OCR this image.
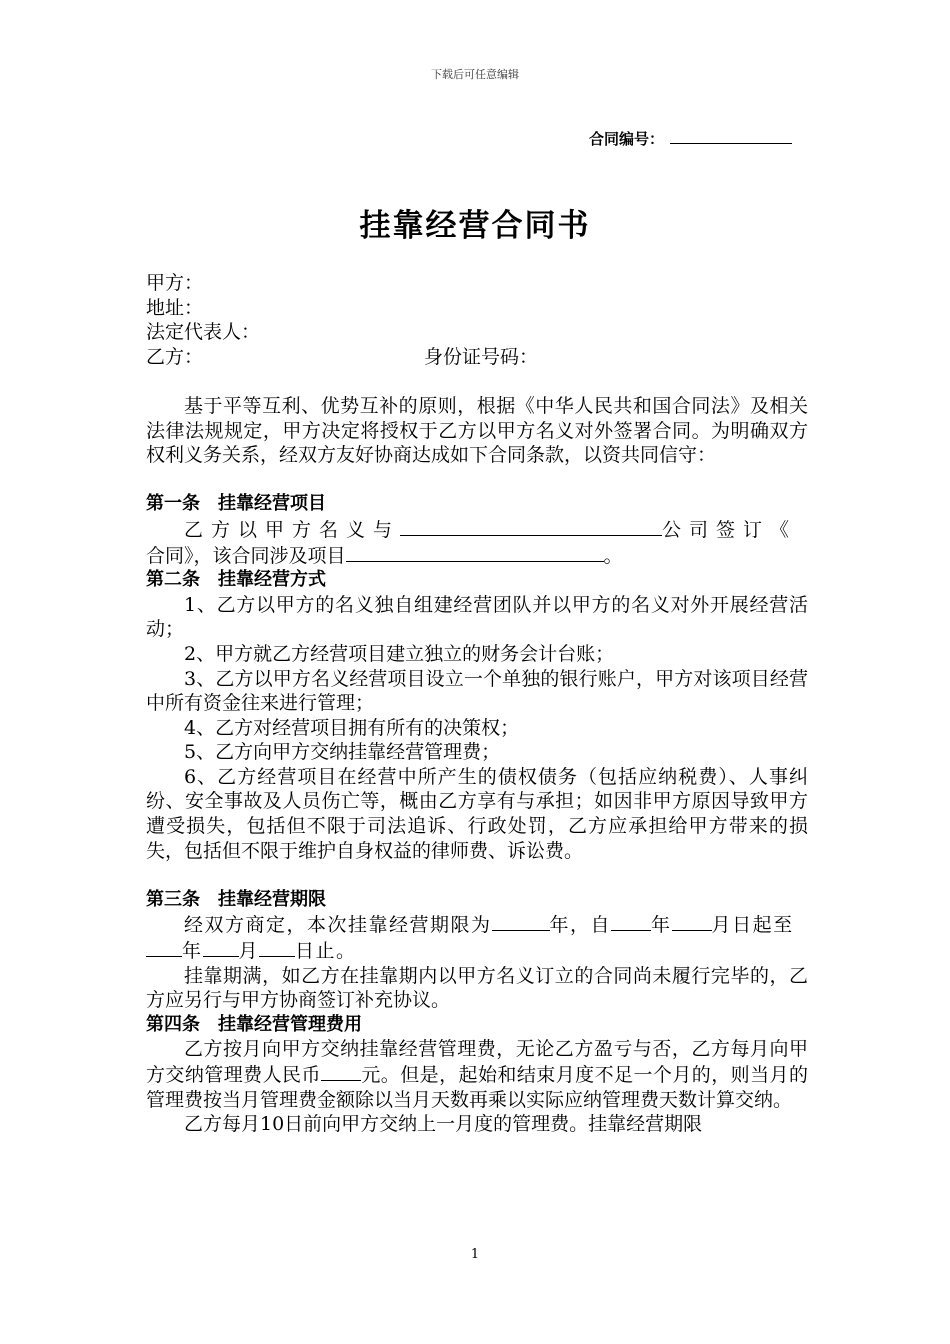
下载后可任意编辑
合同编号：
挂靠经营合同书

甲方：

地址：

法定代表人：

乙方：	身份证号码：

基于平等互利、优势互补的原则，根据《中华人民共和国合同法》及相关法律法规规定，甲方决定将授权于乙方以甲方名义对外签署合同。为明确双方权利义务关系，经双方友好协商达成如下合同条款，以资共同信守：

第一条　挂靠经营项目

乙方以甲方名义与	公司签订《

合同》，该合同涉及项目	。

第二条　挂靠经营方式

1、乙方以甲方的名义独自组建经营团队并以甲方的名义对外开展经营活动；

2、甲方就乙方经营项目建立独立的财务会计台账；

3、乙方以甲方名义经营项目设立一个单独的银行账户，甲方对该项目经营中所有资金往来进行管理；

4、乙方对经营项目拥有所有的决策权；

5、乙方向甲方交纳挂靠经营管理费；

6、乙方经营项目在经营中所产生的债权债务（包括应纳税费）、人事纠纷、安全事故及人员伤亡等，概由乙方享有与承担；如因非甲方原因导致甲方遭受损失，包括但不限于司法追诉、行政处罚，乙方应承担给甲方带来的损失，包括但不限于维护自身权益的律师费、诉讼费。

第三条　挂靠经营期限

经双方商定，本次挂靠经营期限为	年，自 年 月日起至年 月 日止。

挂靠期满，如乙方在挂靠期内以甲方名义订立的合同尚未履行完毕的，乙方应另行与甲方协商签订补充协议。

第四条　挂靠经营管理费用

乙方按月向甲方交纳挂靠经营管理费，无论乙方盈亏与否，乙方每月向甲方交纳管理费人民币 元。但是，起始和结束月度不足一个月的，则当月的管理费按当月管理费金额除以当月天数再乘以实际应纳管理费天数计算交纳。

乙方每月10日前向甲方交纳上一月度的管理费。挂靠经营期限

1
